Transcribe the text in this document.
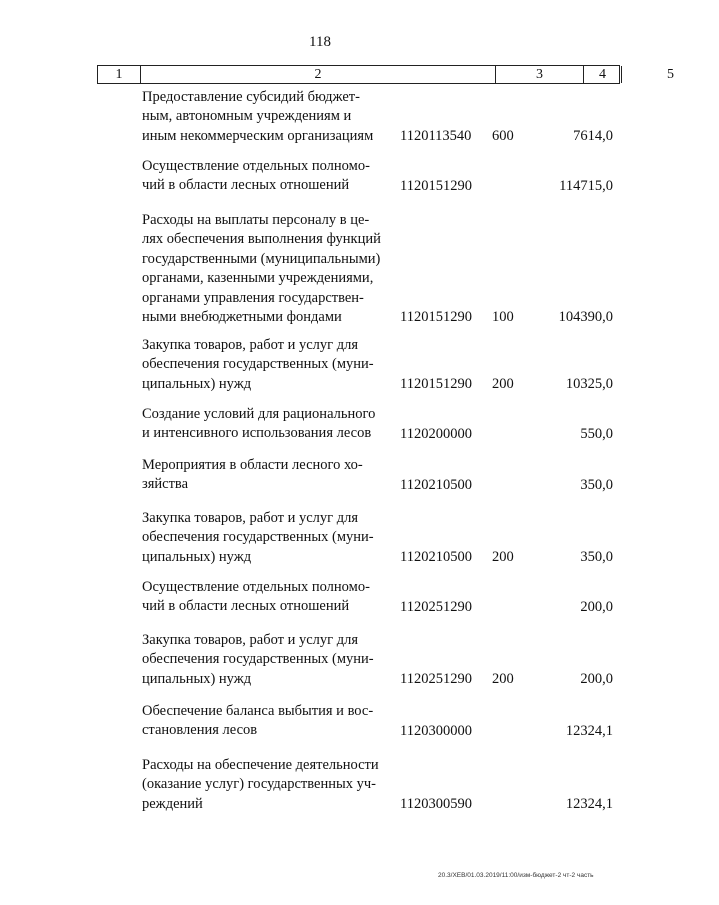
118
1	2	3	4	5
Предоставление субсидий бюджет-
ным, автономным учреждениям и
иным некоммерческим организациям	1120113540 600	7614,0
Осуществление отдельных полномо-
чий в области лесных отношений	1120151290	114715,0
Расходы на выплаты персоналу в це-
лях обеспечения выполнения функций
государственными (муниципальными)
органами, казенными учреждениями,
органами управления государствен-
ными внебюджетными фондами	1120151290 100	104390,0
Закупка товаров, работ и услуг для
обеспечения государственных (муни-
ципальных) нужд	1120151290 200	10325,0
Создание условий для рационального
и интенсивного использования лесов	1120200000	550,0
Мероприятия в области лесного хо-
зяйства	1120210500	350,0
Закупка товаров, работ и услуг для
обеспечения государственных (муни-
ципальных) нужд	1120210500 200	350,0
Осуществление отдельных полномо-
чий в области лесных отношений	1120251290	200,0
Закупка товаров, работ и услуг для
обеспечения государственных (муни-
ципальных) нужд	1120251290 200	200,0
Обеспечение баланса выбытия и вос-
становления лесов	1120300000	12324,1
Расходы на обеспечение деятельности
(оказание услуг) государственных уч-
реждений	1120300590	12324,1
20.3/ХЕВ/01.03.2019/11:00/изм-бюджет-2 чт-2 часть
